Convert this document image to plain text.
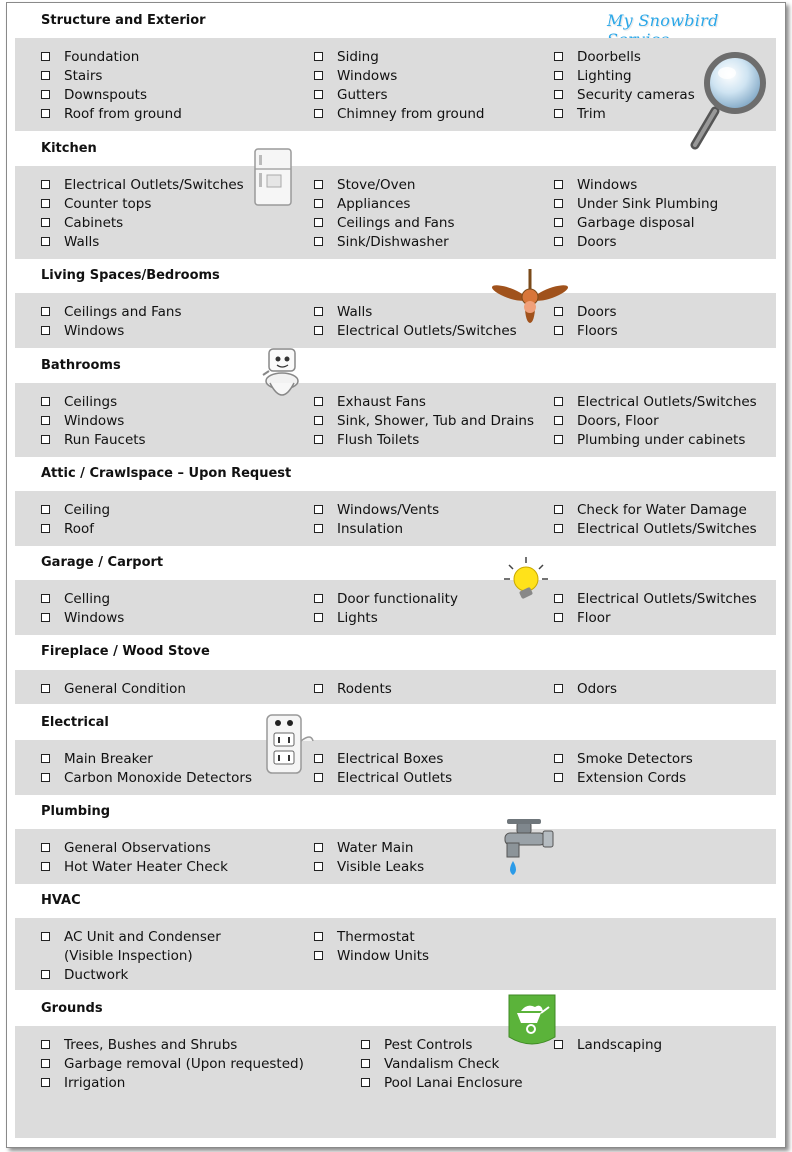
My Snowbird
Structure and Exterior
Foundation
Stairs
Downspouts
Roof from ground
Siding
Windows
Gutters
Chimney from ground
Doorbells
Lighting
Security cameras
Trim
Kitchen
Electrical Outlets/Switches
Counter tops
Cabinets
Walls
Stove/Oven
Appliances
Ceilings and Fans
Sink/Dishwasher
Windows
Under Sink Plumbing
Garbage disposal
Doors
Living Spaces/Bedrooms
Ceilings and Fans
Windows
Walls
Electrical Outlets/Switches
Doors
Floors
Bathrooms
Ceilings
Windows
Run Faucets
Exhaust Fans
Sink, Shower, Tub and Drains
Flush Toilets
Electrical Outlets/Switches
Doors, Floor
Plumbing under cabinets
Attic / Crawlspace – Upon Request
Ceiling
Roof
Windows/Vents
Insulation
Check for Water Damage
Electrical Outlets/Switches
Garage / Carport
Celling
Windows
Door functionality
Lights
Electrical Outlets/Switches
Floor
Fireplace / Wood Stove
General Condition	Rodents	Odors
Electrical
Main Breaker
Carbon Monoxide Detectors
Electrical Boxes
Electrical Outlets
Smoke Detectors
Extension Cords
Plumbing
General Observations
Hot Water Heater Check
Water Main
Visible Leaks
HVAC
AC Unit and Condenser (Visible Inspection)
Ductwork
Thermostat
Window Units
Grounds
Trees, Bushes and Shrubs
Garbage removal (Upon requested)
Irrigation
Pest Controls
Vandalism Check
Pool Lanai Enclosure
Landscaping
